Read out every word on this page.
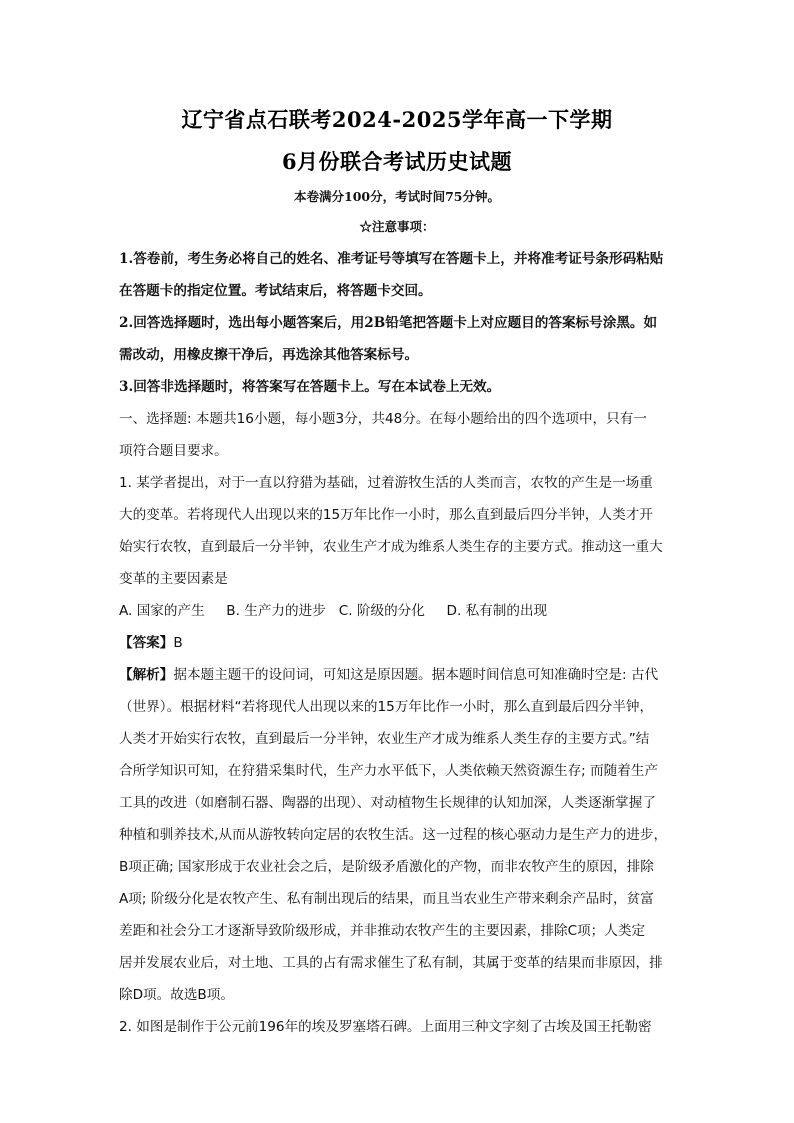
辽宁省点石联考2024-2025学年高一下学期
6月份联合考试历史试题
本卷满分100分，考试时间75分钟。
☆注意事项：
1.答卷前，考生务必将自己的姓名、准考证号等填写在答题卡上，并将准考证号条形码粘贴
在答题卡的指定位置。考试结束后，将答题卡交回。
2.回答选择题时，选出每小题答案后，用2B铅笔把答题卡上对应题目的答案标号涂黑。如
需改动，用橡皮擦干净后，再选涂其他答案标号。
3.回答非选择题时，将答案写在答题卡上。写在本试卷上无效。
一、选择题: 本题共16小题，每小题3分，共48分。在每小题给出的四个选项中，只有一
项符合题目要求。
1. 某学者提出，对于一直以狩猎为基础，过着游牧生活的人类而言，农牧的产生是一场重
大的变革。若将现代人出现以来的15万年比作一小时，那么直到最后四分半钟，人类才开
始实行农牧，直到最后一分半钟，农业生产才成为维系人类生存的主要方式。推动这一重大
变革的主要因素是
A. 国家的产生     B. 生产力的进步   C. 阶级的分化     D. 私有制的出现
【答案】B
【解析】据本题主题干的设问词，可知这是原因题。据本题时间信息可知准确时空是: 古代
（世界）。根据材料“若将现代人出现以来的15万年比作一小时，那么直到最后四分半钟，
人类才开始实行农牧，直到最后一分半钟，农业生产才成为维系人类生存的主要方式。”结
合所学知识可知，在狩猎采集时代，生产力水平低下，人类依赖天然资源生存; 而随着生产
工具的改进（如磨制石器、陶器的出现）、对动植物生长规律的认知加深，人类逐渐掌握了
种植和驯养技术,从而从游牧转向定居的农牧生活。这一过程的核心驱动力是生产力的进步，
B项正确; 国家形成于农业社会之后，是阶级矛盾激化的产物，而非农牧产生的原因，排除
A项; 阶级分化是农牧产生、私有制出现后的结果，而且当农业生产带来剩余产品时，贫富
差距和社会分工才逐渐导致阶级形成，并非推动农牧产生的主要因素，排除C项；人类定
居并发展农业后，对土地、工具的占有需求催生了私有制，其属于变革的结果而非原因，排
除D项。故选B项。
2. 如图是制作于公元前196年的埃及罗塞塔石碑。上面用三种文字刻了古埃及国王托勒密
